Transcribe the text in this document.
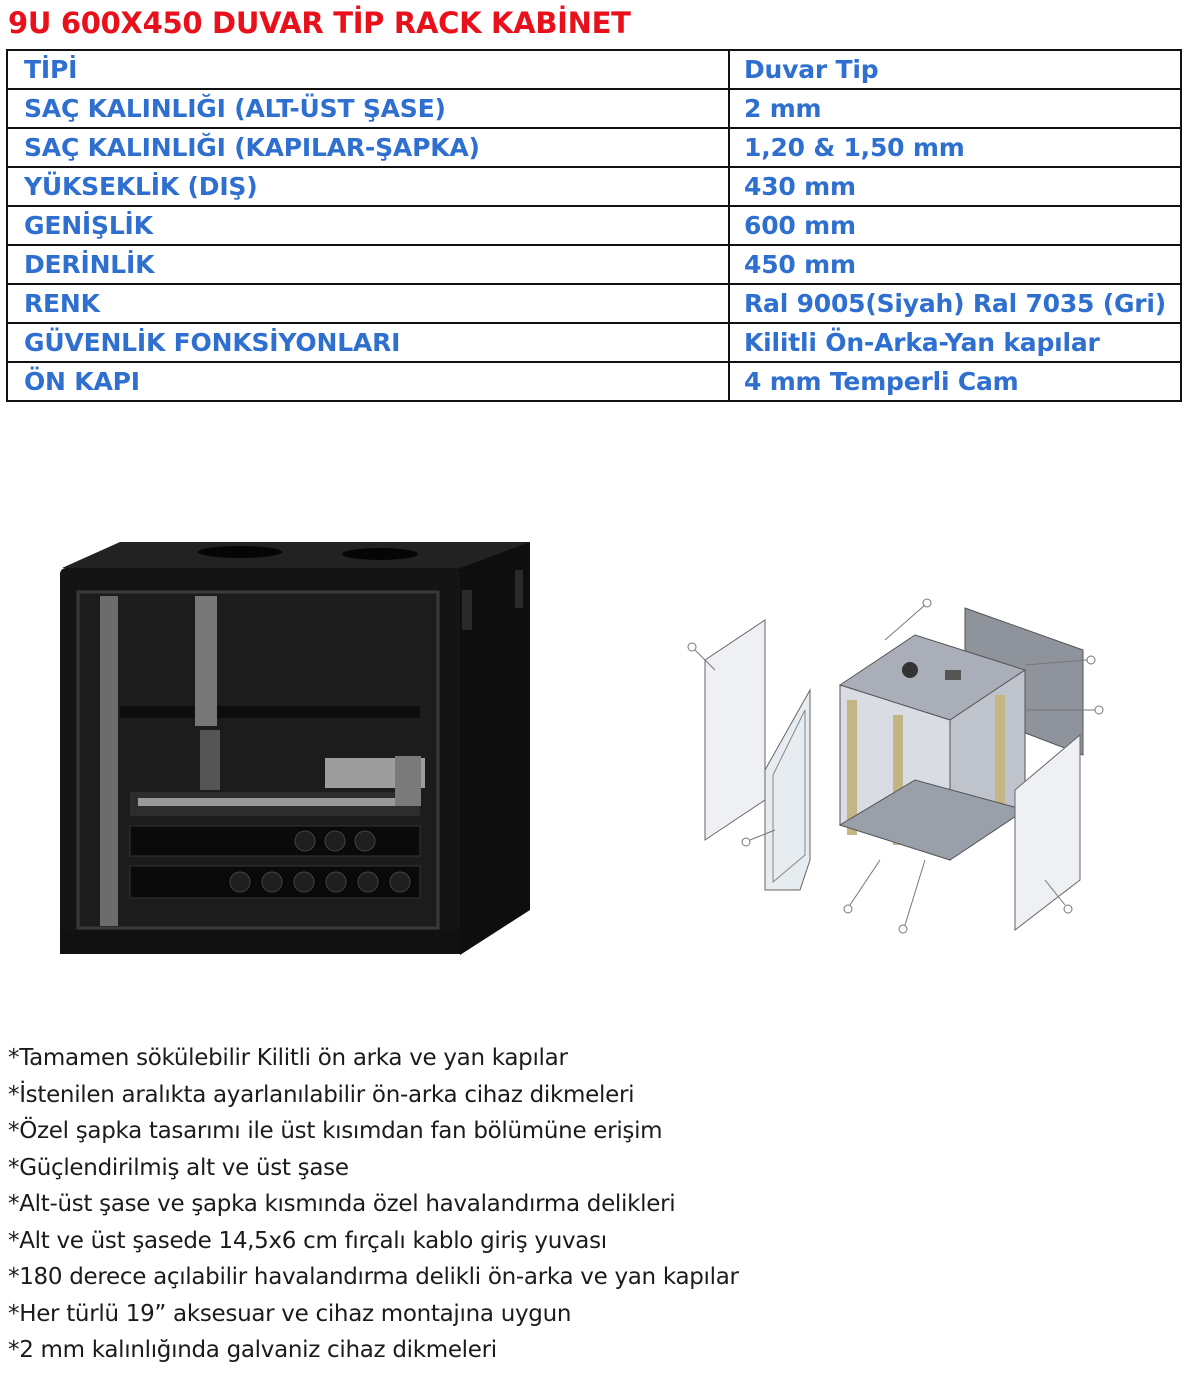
9U 600X450 DUVAR TİP RACK KABİNET
TİPİ	Duvar Tip
SAÇ KALINLIĞI (ALT-ÜST ŞASE)	2 mm
SAÇ KALINLIĞI (KAPILAR-ŞAPKA)	1,20 & 1,50 mm
YÜKSEKLİK (DIŞ)	430 mm
GENİŞLİK	600 mm
DERİNLİK	450 mm
RENK	Ral 9005(Siyah) Ral 7035 (Gri)
GÜVENLİK FONKSİYONLARI	Kilitli Ön-Arka-Yan kapılar
ÖN KAPI	4 mm Temperli Cam
*Tamamen sökülebilir Kilitli ön arka ve yan kapılar
*İstenilen aralıkta ayarlanılabilir ön-arka cihaz dikmeleri
*Özel şapka tasarımı ile üst kısımdan fan bölümüne erişim
*Güçlendirilmiş alt ve üst şase
*Alt-üst şase ve şapka kısmında özel havalandırma delikleri
*Alt ve üst şasede 14,5x6 cm fırçalı kablo giriş yuvası
*180 derece açılabilir havalandırma delikli ön-arka ve yan kapılar
*Her türlü 19” aksesuar ve cihaz montajına uygun
*2 mm kalınlığında galvaniz cihaz dikmeleri
